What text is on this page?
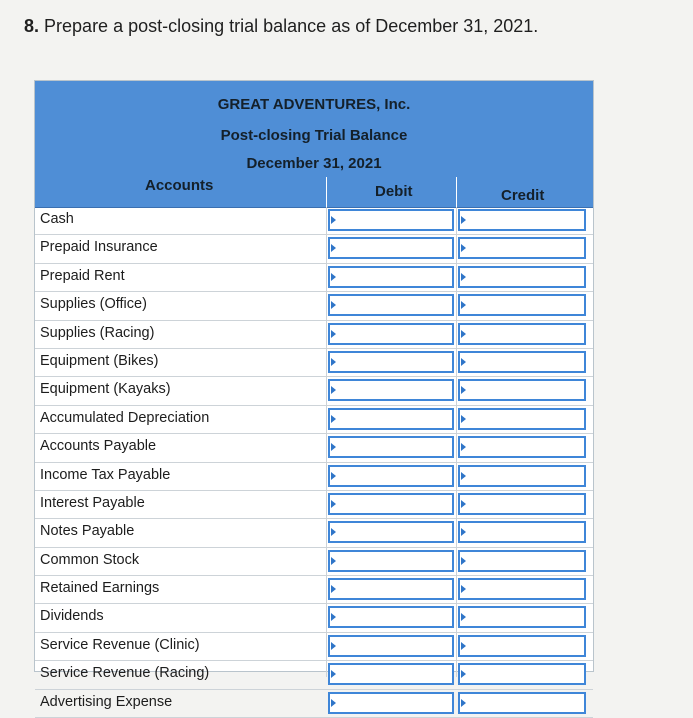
8. Prepare a post-closing trial balance as of December 31, 2021.

GREAT ADVENTURES, Inc.
Post-closing Trial Balance
December 31, 2021
Accounts	Debit	Credit
Cash
Prepaid Insurance
Prepaid Rent
Supplies (Office)
Supplies (Racing)
Equipment (Bikes)
Equipment (Kayaks)
Accumulated Depreciation
Accounts Payable
Income Tax Payable
Interest Payable
Notes Payable
Common Stock
Retained Earnings
Dividends
Service Revenue (Clinic)
Service Revenue (Racing)
Advertising Expense
